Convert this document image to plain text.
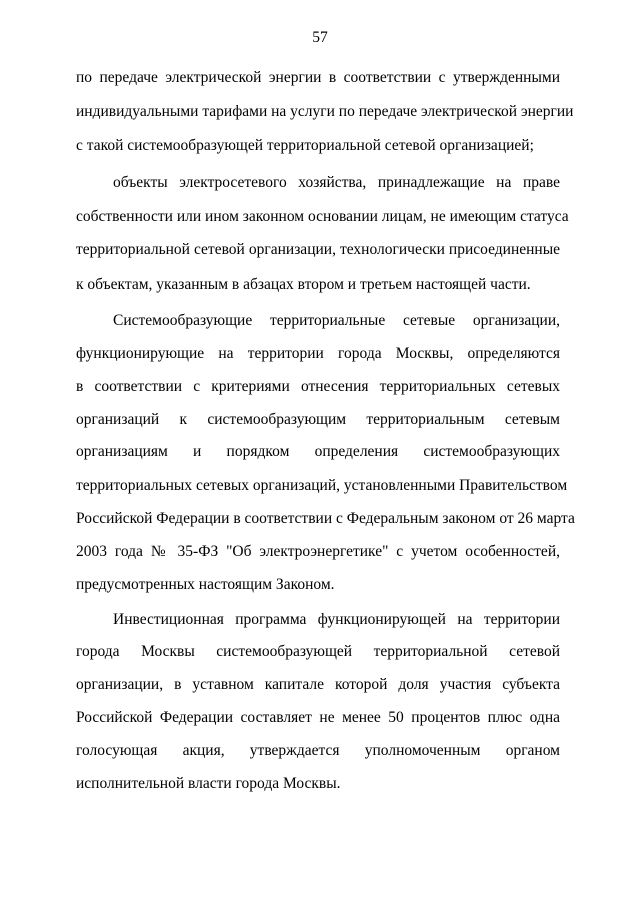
57
по передаче электрической энергии в соответствии с утвержденными
индивидуальными тарифами на услуги по передаче электрической энергии
с такой системообразующей территориальной сетевой организацией;
объекты электросетевого хозяйства, принадлежащие на праве
собственности или ином законном основании лицам, не имеющим статуса
территориальной сетевой организации, технологически присоединенные
к объектам, указанным в абзацах втором и третьем настоящей части.
Системообразующие территориальные сетевые организации,
функционирующие на территории города Москвы, определяются
в соответствии с критериями отнесения территориальных сетевых
организаций к системообразующим территориальным сетевым
организациям и порядком определения системообразующих
территориальных сетевых организаций, установленными Правительством
Российской Федерации в соответствии с Федеральным законом от 26 марта
2003 года № 35-ФЗ "Об электроэнергетике" с учетом особенностей,
предусмотренных настоящим Законом.
Инвестиционная программа функционирующей на территории
города Москвы системообразующей территориальной сетевой
организации, в уставном капитале которой доля участия субъекта
Российской Федерации составляет не менее 50 процентов плюс одна
голосующая акция, утверждается уполномоченным органом
исполнительной власти города Москвы.
